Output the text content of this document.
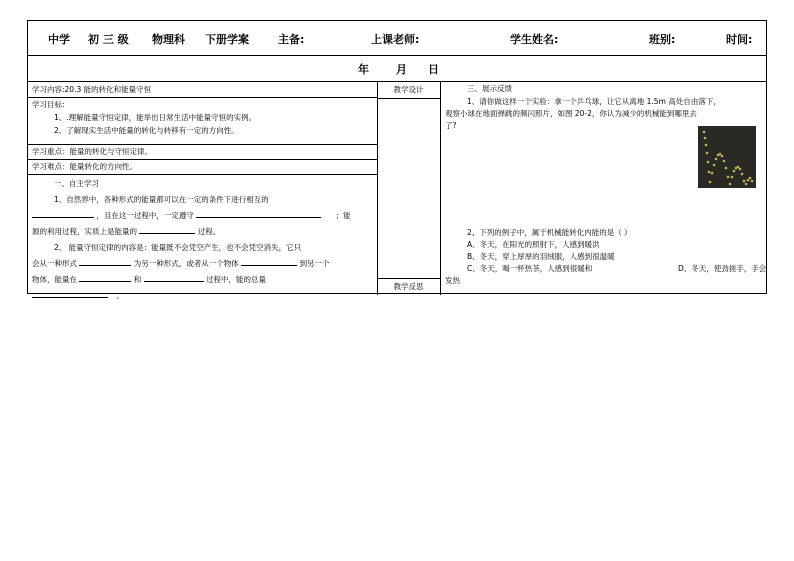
中学 初 三 级 物理科 下册学案	主备:	上课老师:	学生姓名:	班别:	时间:
年 月 日
学习内容:20.3 能的转化和能量守恒
学习目标:
1、.理解能量守恒定律，能举出日常生活中能量守恒的实例。
2、了解现实生活中能量的转化与转移有一定的方向性。
学习重点：能量的转化与守恒定律。
学习难点：能量转化的方向性。
一、自主学习
1、自然界中，各种形式的能量都可以在一定的条件下进行相互的
，且在这一过程中，一定遵守	；能
源的利用过程，实质上是能量的	过程。
2、 能量守恒定律的内容是：能量既不会凭空产生，也不会凭空消失，它只
会从一种形式	为另一种形式，或者从一个物体	到另一个
物体，能量在	和	过程中，能的总量
。
教学设计
教学反思
三、展示反馈
1、请你做这样一个实验：拿一个乒乓球，让它从离地 1.5m 高处自由落下，
观察小球在地面弹跳的频闪照片，如图 20-2，你认为减少的机械能到哪里去
了?
2、下列的例子中，属于机械能转化内能的是（ ）
A、冬天，在阳光的照射下，人感到暖洪
B、冬天，穿上厚厚的羽绒服，人感到很温暖
C、冬天，喝一杯热茶，人感到很暖和	D、冬天，使劲搓手，手会
发热
